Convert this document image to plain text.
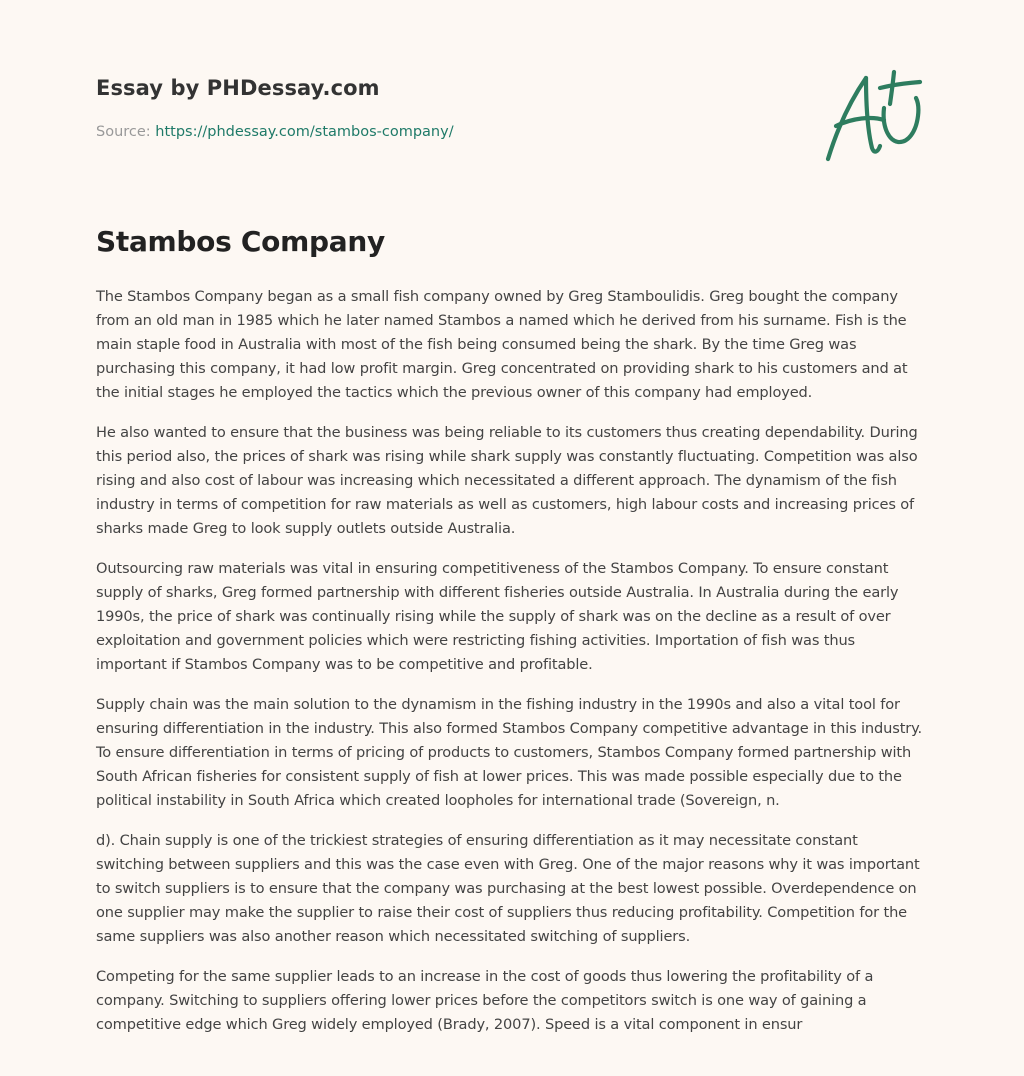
Essay by PHDessay.com
Source: https://phdessay.com/stambos-company/
Stambos Company

The Stambos Company began as a small fish company owned by Greg Stamboulidis. Greg bought the company from an old man in 1985 which he later named Stambos a named which he derived from his surname. Fish is the main staple food in Australia with most of the fish being consumed being the shark. By the time Greg was purchasing this company, it had low profit margin. Greg concentrated on providing shark to his customers and at the initial stages he employed the tactics which the previous owner of this company had employed.

He also wanted to ensure that the business was being reliable to its customers thus creating dependability. During this period also, the prices of shark was rising while shark supply was constantly fluctuating. Competition was also rising and also cost of labour was increasing which necessitated a different approach. The dynamism of the fish industry in terms of competition for raw materials as well as customers, high labour costs and increasing prices of sharks made Greg to look supply outlets outside Australia.

Outsourcing raw materials was vital in ensuring competitiveness of the Stambos Company. To ensure constant supply of sharks, Greg formed partnership with different fisheries outside Australia. In Australia during the early 1990s, the price of shark was continually rising while the supply of shark was on the decline as a result of over exploitation and government policies which were restricting fishing activities. Importation of fish was thus important if Stambos Company was to be competitive and profitable.

Supply chain was the main solution to the dynamism in the fishing industry in the 1990s and also a vital tool for ensuring differentiation in the industry. This also formed Stambos Company competitive advantage in this industry. To ensure differentiation in terms of pricing of products to customers, Stambos Company formed partnership with South African fisheries for consistent supply of fish at lower prices. This was made possible especially due to the political instability in South Africa which created loopholes for international trade (Sovereign, n.

d). Chain supply is one of the trickiest strategies of ensuring differentiation as it may necessitate constant switching between suppliers and this was the case even with Greg. One of the major reasons why it was important to switch suppliers is to ensure that the company was purchasing at the best lowest possible. Overdependence on one supplier may make the supplier to raise their cost of suppliers thus reducing profitability. Competition for the same suppliers was also another reason which necessitated switching of suppliers.

Competing for the same supplier leads to an increase in the cost of goods thus lowering the profitability of a company. Switching to suppliers offering lower prices before the competitors switch is one way of gaining a competitive edge which Greg widely employed (Brady, 2007). Speed is a vital component in ensur
